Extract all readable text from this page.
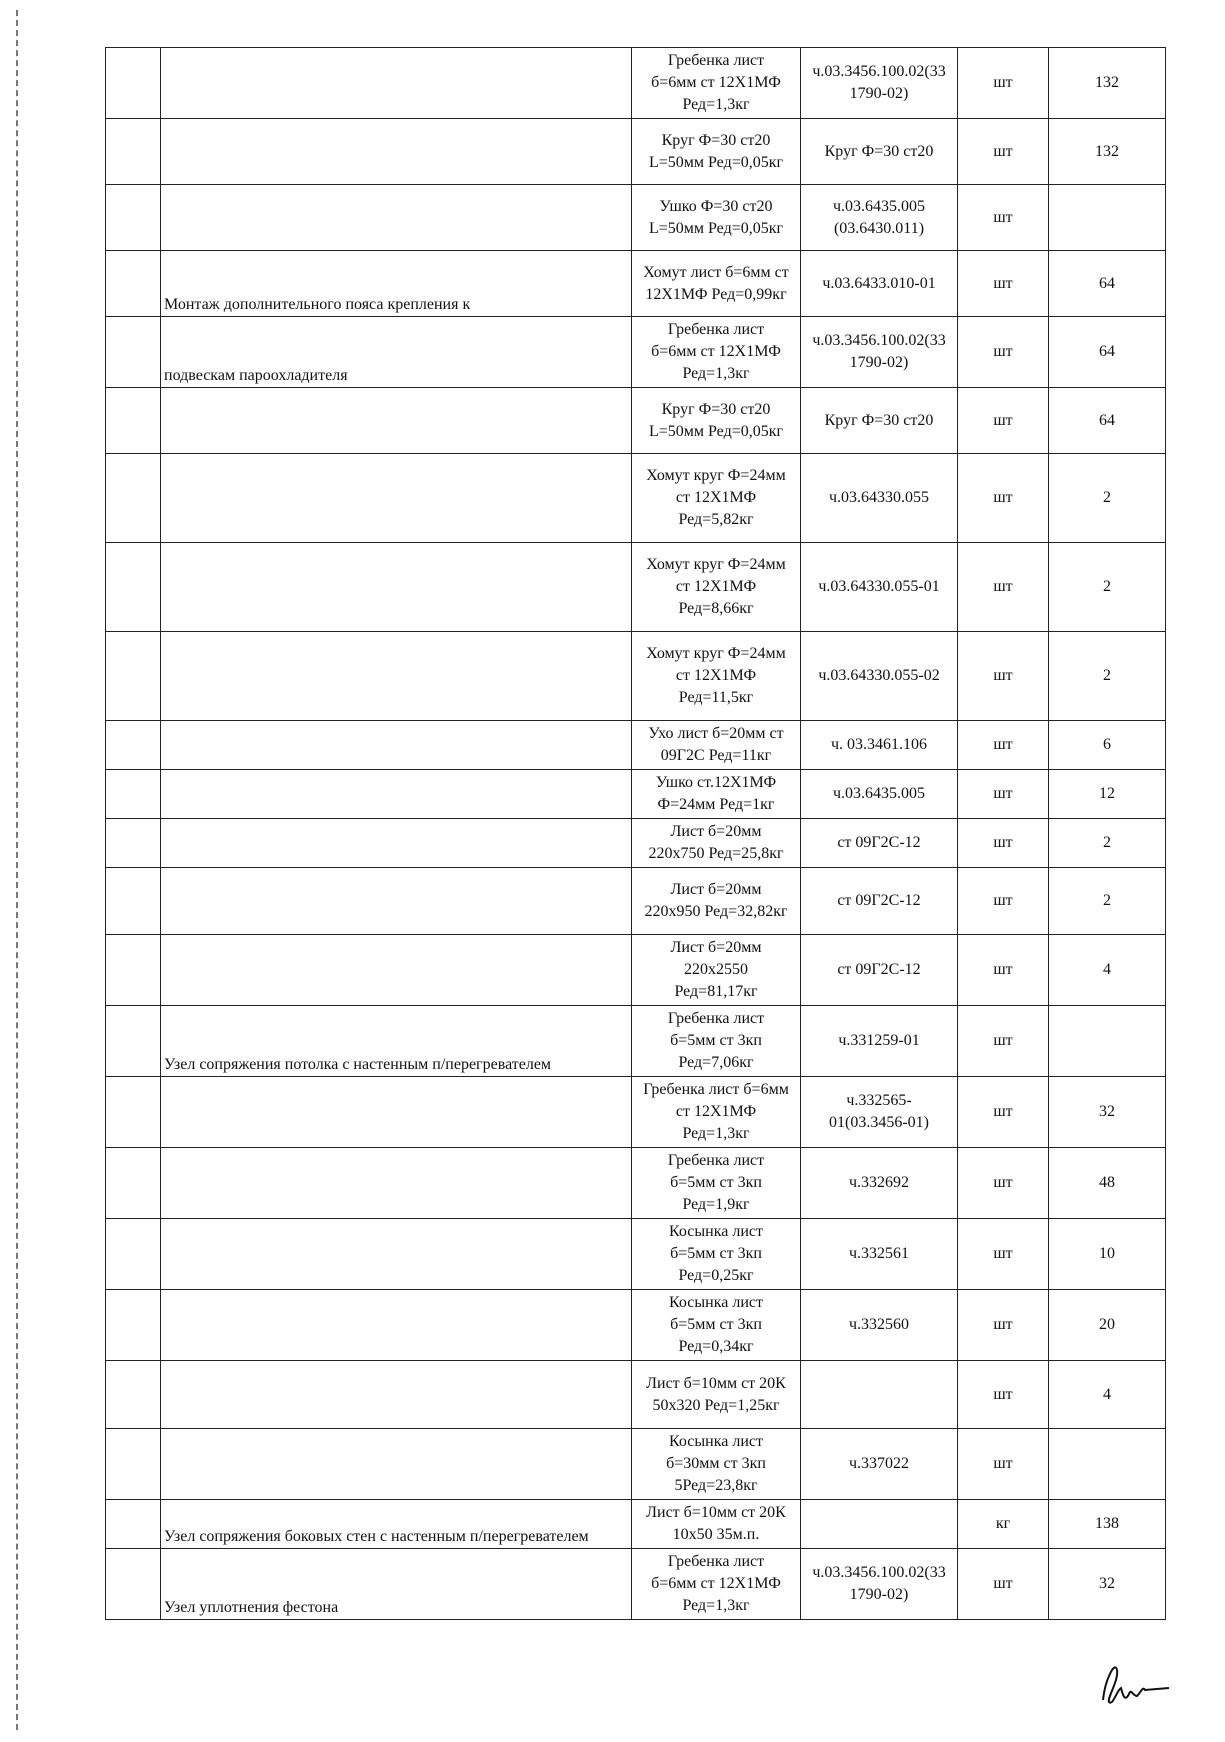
		Гребенка лист
б=6мм ст 12Х1МФ
Ред=1,3кг	ч.03.3456.100.02(33
1790-02)	шт	132
		Круг Ф=30 ст20
L=50мм Ред=0,05кг	Круг Ф=30 ст20	шт	132
		Ушко Ф=30 ст20
L=50мм Ред=0,05кг	ч.03.6435.005
(03.6430.011)	шт	
	Монтаж дополнительного пояса крепления к	Хомут лист б=6мм ст
12Х1МФ Ред=0,99кг	ч.03.6433.010-01	шт	64
	подвескам пароохладителя	Гребенка лист
б=6мм ст 12Х1МФ
Ред=1,3кг	ч.03.3456.100.02(33
1790-02)	шт	64
		Круг Ф=30 ст20
L=50мм Ред=0,05кг	Круг Ф=30 ст20	шт	64
		Хомут круг Ф=24мм
ст 12Х1МФ
Ред=5,82кг	ч.03.64330.055	шт	2
		Хомут круг Ф=24мм
ст 12Х1МФ
Ред=8,66кг	ч.03.64330.055-01	шт	2
		Хомут круг Ф=24мм
ст 12Х1МФ
Ред=11,5кг	ч.03.64330.055-02	шт	2
		Ухо лист б=20мм ст
09Г2С Ред=11кг	ч. 03.3461.106	шт	6
		Ушко ст.12Х1МФ
Ф=24мм Ред=1кг	ч.03.6435.005	шт	12
		Лист б=20мм
220х750 Ред=25,8кг	ст 09Г2С-12	шт	2
		Лист б=20мм
220х950 Ред=32,82кг	ст 09Г2С-12	шт	2
		Лист б=20мм
220х2550
Ред=81,17кг	ст 09Г2С-12	шт	4
	Узел сопряжения потолка с настенным п/перегревателем	Гребенка лист
б=5мм ст 3кп
Ред=7,06кг	ч.331259-01	шт	
		Гребенка лист б=6мм
ст 12Х1МФ
Ред=1,3кг	ч.332565-
01(03.3456-01)	шт	32
		Гребенка лист
б=5мм ст 3кп
Ред=1,9кг	ч.332692	шт	48
		Косынка лист
б=5мм ст 3кп
Ред=0,25кг	ч.332561	шт	10
		Косынка лист
б=5мм ст 3кп
Ред=0,34кг	ч.332560	шт	20
		Лист б=10мм ст 20К
50х320 Ред=1,25кг		шт	4
		Косынка лист
б=30мм ст 3кп
5Ред=23,8кг	ч.337022	шт	
	Узел сопряжения боковых стен с настенным п/перегревателем	Лист б=10мм ст 20К
10х50 35м.п.		кг	138
	Узел уплотнения фестона	Гребенка лист
б=6мм ст 12Х1МФ
Ред=1,3кг	ч.03.3456.100.02(33
1790-02)	шт	32
